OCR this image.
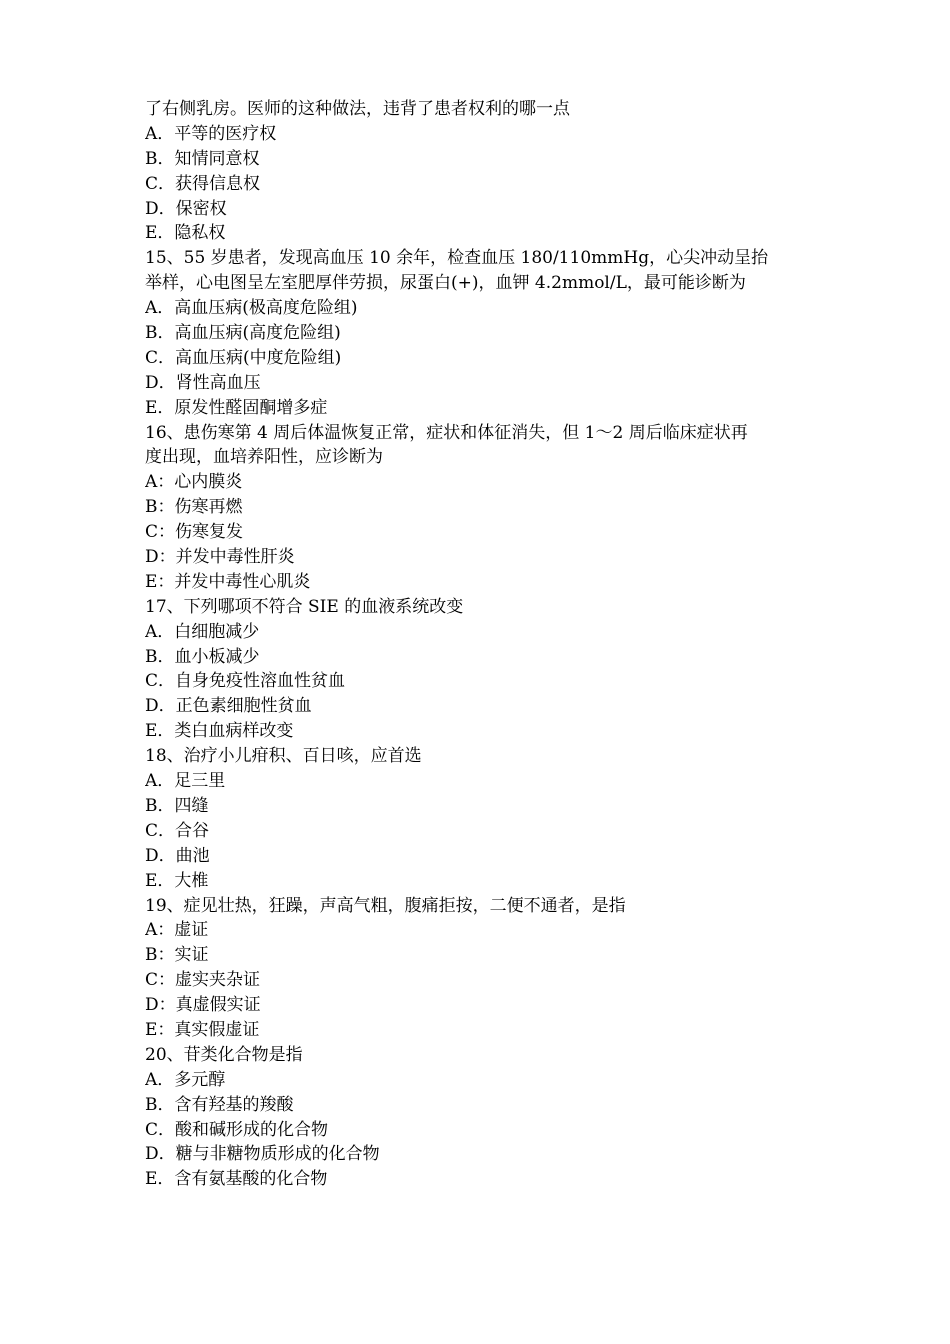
了右侧乳房。医师的这种做法，违背了患者权利的哪一点
A．平等的医疗权
B．知情同意权
C．获得信息权
D．保密权
E．隐私权
15、55 岁患者，发现高血压 10 余年，检查血压 180/110mmHg，心尖冲动呈抬
举样，心电图呈左室肥厚伴劳损，尿蛋白(+)，血钾 4.2mmol/L，最可能诊断为
A．高血压病(极高度危险组)
B．高血压病(高度危险组)
C．高血压病(中度危险组)
D．肾性高血压
E．原发性醛固酮增多症
16、患伤寒第 4 周后体温恢复正常，症状和体征消失，但 1～2 周后临床症状再
度出现，血培养阳性，应诊断为
A：心内膜炎
B：伤寒再燃
C：伤寒复发
D：并发中毒性肝炎
E：并发中毒性心肌炎
17、下列哪项不符合 SIE 的血液系统改变
A．白细胞减少
B．血小板减少
C．自身免疫性溶血性贫血
D．正色素细胞性贫血
E．类白血病样改变
18、治疗小儿疳积、百日咳，应首选
A．足三里
B．四缝
C．合谷
D．曲池
E．大椎
19、症见壮热，狂躁，声高气粗，腹痛拒按，二便不通者，是指
A：虚证
B：实证
C：虚实夹杂证
D：真虚假实证
E：真实假虚证
20、苷类化合物是指
A．多元醇
B．含有羟基的羧酸
C．酸和碱形成的化合物
D．糖与非糖物质形成的化合物
E．含有氨基酸的化合物
